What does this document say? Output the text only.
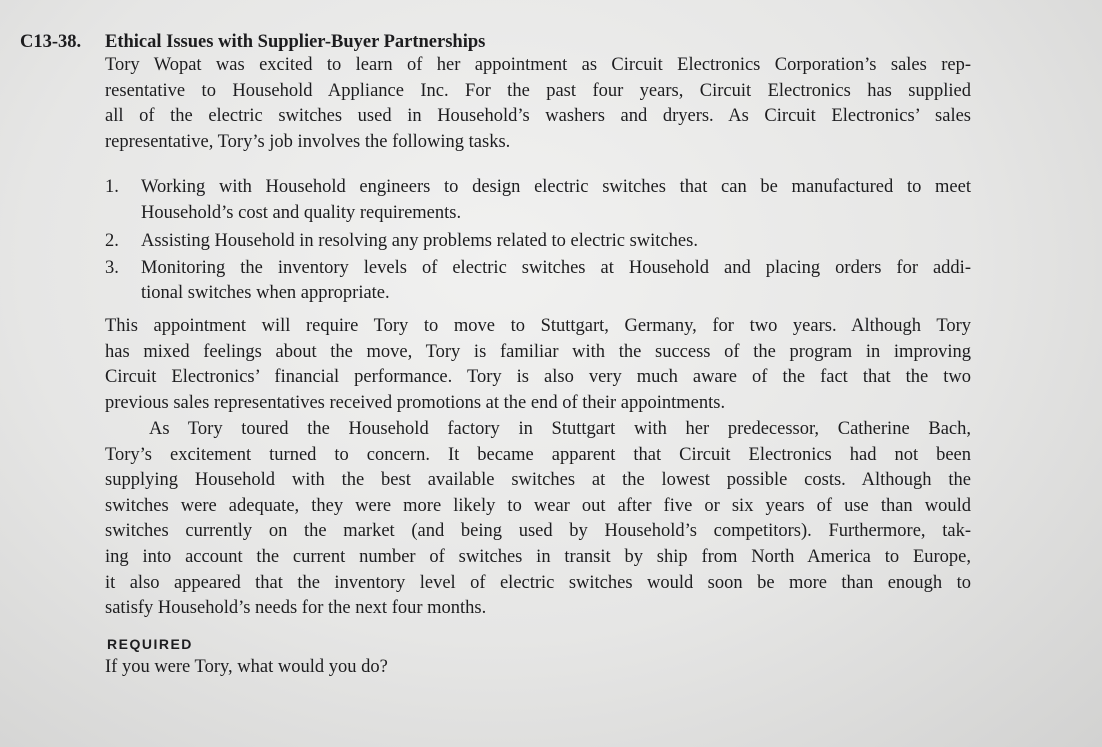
C13-38. Ethical Issues with Supplier-Buyer Partnerships
Tory Wopat was excited to learn of her appointment as Circuit Electronics Corporation’s sales rep-
resentative to Household Appliance Inc. For the past four years, Circuit Electronics has supplied
all of the electric switches used in Household’s washers and dryers. As Circuit Electronics’ sales
representative, Tory’s job involves the following tasks.
1. Working with Household engineers to design electric switches that can be manufactured to meet
Household’s cost and quality requirements.
2. Assisting Household in resolving any problems related to electric switches.
3. Monitoring the inventory levels of electric switches at Household and placing orders for addi-
tional switches when appropriate.
This appointment will require Tory to move to Stuttgart, Germany, for two years. Although Tory
has mixed feelings about the move, Tory is familiar with the success of the program in improving
Circuit Electronics’ financial performance. Tory is also very much aware of the fact that the two
previous sales representatives received promotions at the end of their appointments.
As Tory toured the Household factory in Stuttgart with her predecessor, Catherine Bach,
Tory’s excitement turned to concern. It became apparent that Circuit Electronics had not been
supplying Household with the best available switches at the lowest possible costs. Although the
switches were adequate, they were more likely to wear out after five or six years of use than would
switches currently on the market (and being used by Household’s competitors). Furthermore, tak-
ing into account the current number of switches in transit by ship from North America to Europe,
it also appeared that the inventory level of electric switches would soon be more than enough to
satisfy Household’s needs for the next four months.
REQUIRED
If you were Tory, what would you do?
